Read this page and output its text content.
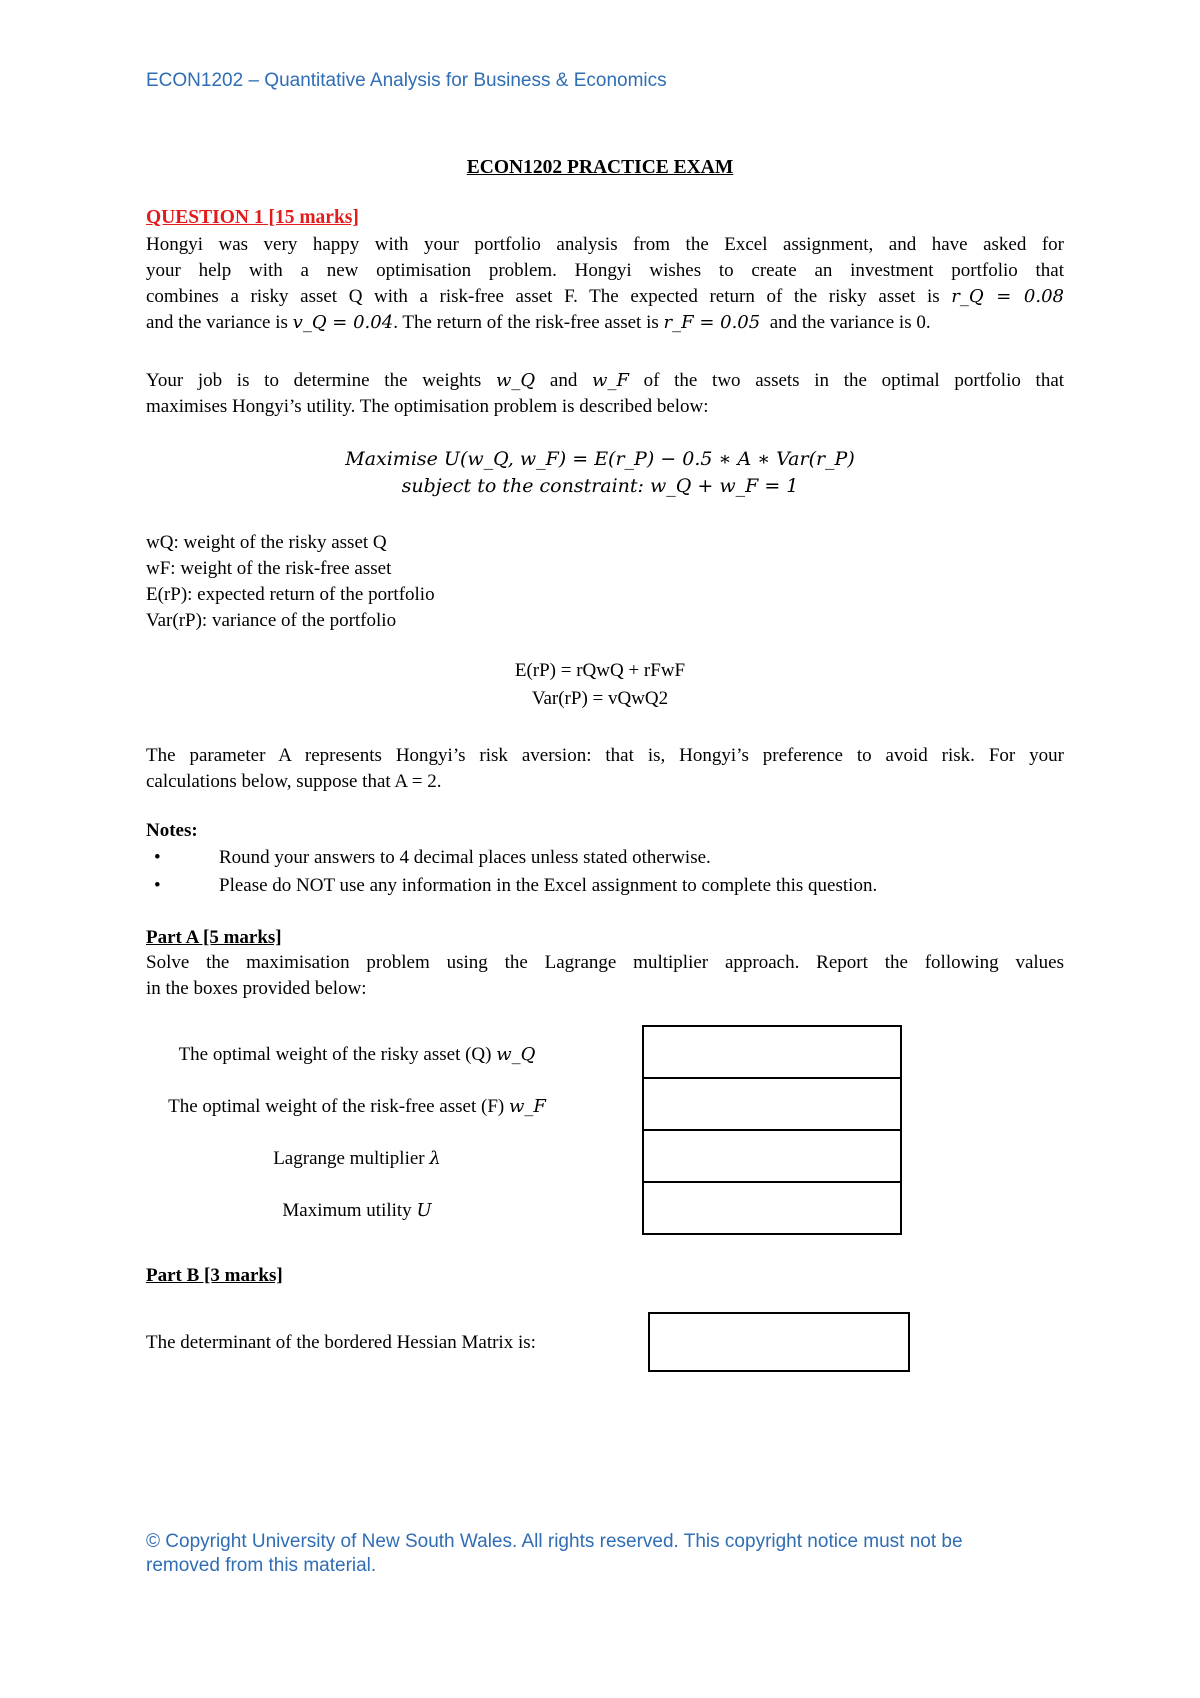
ECON1202 – Quantitative Analysis for Business & Economics
ECON1202 PRACTICE EXAM
QUESTION 1 [15 marks]
Hongyi was very happy with your portfolio analysis from the Excel assignment, and have asked for
your help with a new optimisation problem. Hongyi wishes to create an investment portfolio that
combines a risky asset Q with a risk-free asset F. The expected return of the risky asset is r_Q = 0.08
and the variance is v_Q = 0.04. The return of the risk-free asset is r_F = 0.05 and the variance is 0.
Your job is to determine the weights w_Q and w_F of the two assets in the optimal portfolio that
maximises Hongyi’s utility. The optimisation problem is described below:
Maximise U(w_Q, w_F) = E(r_P) − 0.5 ∗ A ∗ Var(r_P)
subject to the constraint: w_Q + w_F = 1
wQ: weight of the risky asset Q
wF: weight of the risk-free asset
E(rP): expected return of the portfolio
Var(rP): variance of the portfolio
E(rP) = rQwQ + rFwF
Var(rP) = vQwQ2
The parameter A represents Hongyi’s risk aversion: that is, Hongyi’s preference to avoid risk. For your
calculations below, suppose that A = 2.
Notes:
•	Round your answers to 4 decimal places unless stated otherwise.
•	Please do NOT use any information in the Excel assignment to complete this question.
Part A [5 marks]
Solve the maximisation problem using the Lagrange multiplier approach. Report the following values
in the boxes provided below:
The optimal weight of the risky asset (Q) w_Q
The optimal weight of the risk-free asset (F) w_F
Lagrange multiplier λ
Maximum utility U
Part B [3 marks]
The determinant of the bordered Hessian Matrix is:
© Copyright University of New South Wales. All rights reserved. This copyright notice must not be
removed from this material.
